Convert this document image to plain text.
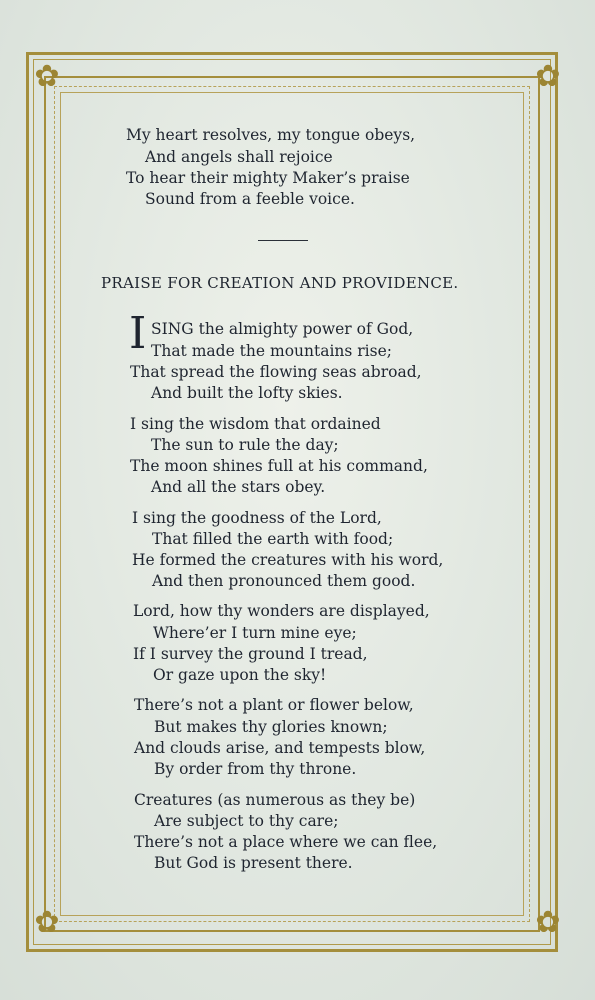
✿	✿
✿	✿
My heart resolves, my tongue obeys,
And angels shall rejoice
To hear their mighty Maker’s praise
Sound from a feeble voice.
PRAISE FOR CREATION AND PROVIDENCE.
I SING the almighty power of God,
That made the mountains rise;
That spread the flowing seas abroad,
And built the lofty skies.
I sing the wisdom that ordained
The sun to rule the day;
The moon shines full at his command,
And all the stars obey.
I sing the goodness of the Lord,
That filled the earth with food;
He formed the creatures with his word,
And then pronounced them good.
Lord, how thy wonders are displayed,
Where’er I turn mine eye;
If I survey the ground I tread,
Or gaze upon the sky!
There’s not a plant or flower below,
But makes thy glories known;
And clouds arise, and tempests blow,
By order from thy throne.
Creatures (as numerous as they be)
Are subject to thy care;
There’s not a place where we can flee,
But God is present there.
